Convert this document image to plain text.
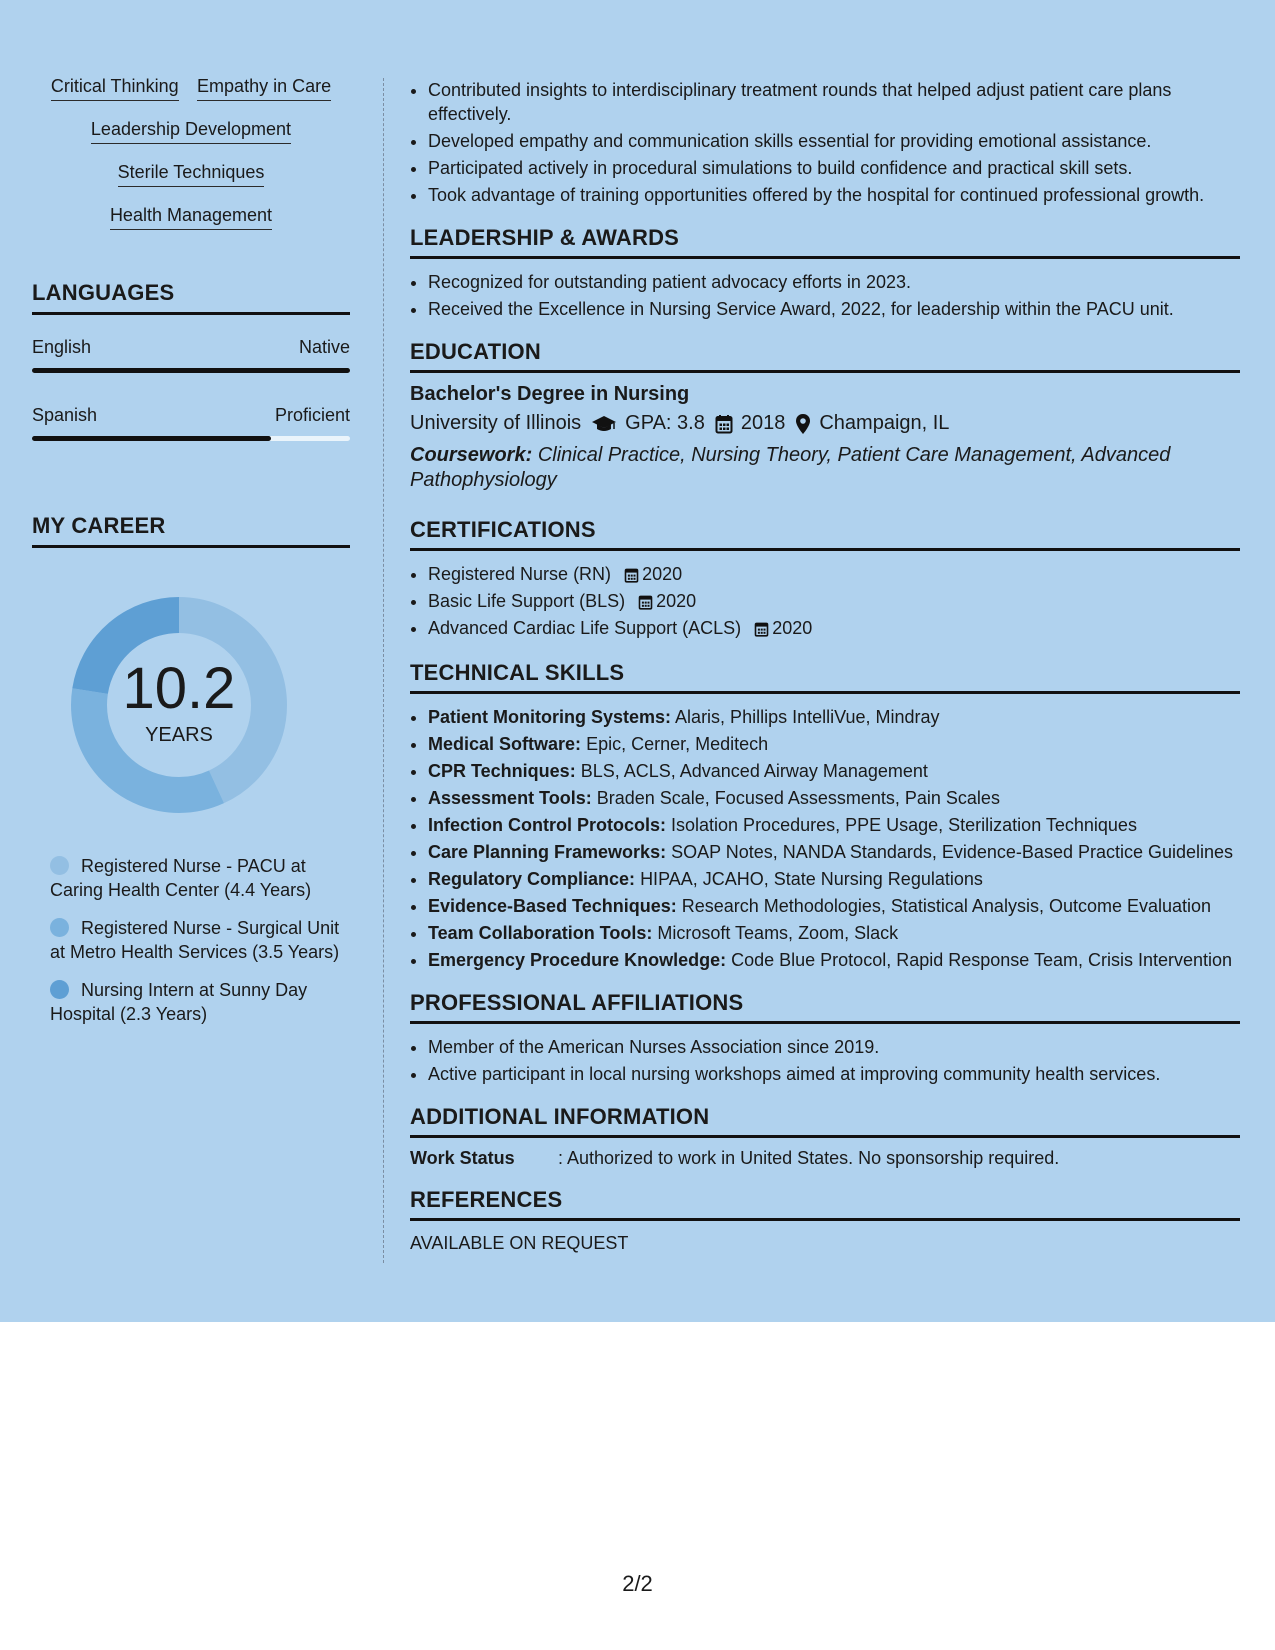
Critical Thinking Empathy in Care
Leadership Development
Sterile Techniques
Health Management
LANGUAGES
English	Native
Spanish	Proficient
MY CAREER
10.2
YEARS
Registered Nurse - PACU at Caring Health Center (4.4 Years)
Registered Nurse - Surgical Unit at Metro Health Services (3.5 Years)
Nursing Intern at Sunny Day Hospital (2.3 Years)
• Contributed insights to interdisciplinary treatment rounds that helped adjust patient care plans effectively.
• Developed empathy and communication skills essential for providing emotional assistance.
• Participated actively in procedural simulations to build confidence and practical skill sets.
• Took advantage of training opportunities offered by the hospital for continued professional growth.
LEADERSHIP & AWARDS
• Recognized for outstanding patient advocacy efforts in 2023.
• Received the Excellence in Nursing Service Award, 2022, for leadership within the PACU unit.
EDUCATION
Bachelor's Degree in Nursing
University of Illinois GPA: 3.8 2018 Champaign, IL
Coursework: Clinical Practice, Nursing Theory, Patient Care Management, Advanced Pathophysiology
CERTIFICATIONS
• Registered Nurse (RN) 2020
• Basic Life Support (BLS) 2020
• Advanced Cardiac Life Support (ACLS) 2020
TECHNICAL SKILLS
• Patient Monitoring Systems: Alaris, Phillips IntelliVue, Mindray
• Medical Software: Epic, Cerner, Meditech
• CPR Techniques: BLS, ACLS, Advanced Airway Management
• Assessment Tools: Braden Scale, Focused Assessments, Pain Scales
• Infection Control Protocols: Isolation Procedures, PPE Usage, Sterilization Techniques
• Care Planning Frameworks: SOAP Notes, NANDA Standards, Evidence-Based Practice Guidelines
• Regulatory Compliance: HIPAA, JCAHO, State Nursing Regulations
• Evidence-Based Techniques: Research Methodologies, Statistical Analysis, Outcome Evaluation
• Team Collaboration Tools: Microsoft Teams, Zoom, Slack
• Emergency Procedure Knowledge: Code Blue Protocol, Rapid Response Team, Crisis Intervention
PROFESSIONAL AFFILIATIONS
• Member of the American Nurses Association since 2019.
• Active participant in local nursing workshops aimed at improving community health services.
ADDITIONAL INFORMATION
Work Status	: Authorized to work in United States. No sponsorship required.
REFERENCES
AVAILABLE ON REQUEST
2/2
